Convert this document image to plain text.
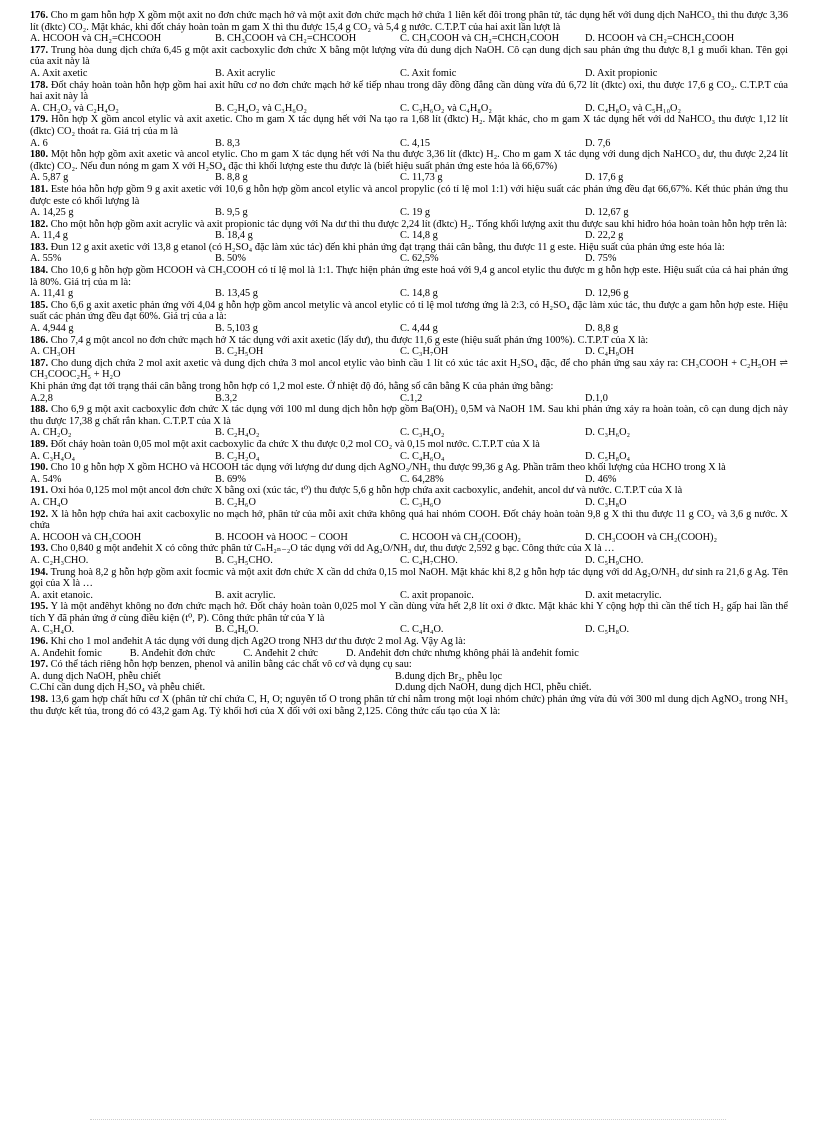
176. Cho m gam hỗn hợp X gồm một axit no đơn chức mạch hở và một axit đơn chức mạch hở chứa 1 liên kết đôi trong phân tử, tác dụng hết với dung dịch NaHCO₃ thì thu được 3,36 lít (đktc) CO₂. Mặt khác, khi đốt cháy hoàn toàn m gam X thì thu được 15,4 g CO₂ và 5,4 g nước. C.T.P.T của hai axit lần lượt là
A. HCOOH và CH₂=CHCOOH	B. CH₃COOH và CH₂=CHCOOH	C. CH₃COOH và CH₂=CHCH₂COOH	D. HCOOH và CH₂=CHCH₂COOH
177. Trung hòa dung dịch chứa 6,45 g một axit cacboxylic đơn chức X bằng một lượng vừa đủ dung dịch NaOH. Cô cạn dung dịch sau phản ứng thu được 8,1 g muối khan. Tên gọi của axit này là
A. Axit axetic	B. Axit acrylic	C. Axit fomic	D. Axit propionic
178. Đốt cháy hoàn toàn hỗn hợp gồm hai axit hữu cơ no đơn chức mạch hở kế tiếp nhau trong dãy đồng đẳng cần dùng vừa đủ 6,72 lít (đktc) oxi, thu được 17,6 g CO₂. C.T.P.T của hai axit này là
A. CH₂O₂ và C₂H₄O₂	B. C₂H₄O₂ và C₃H₆O₂	C. C₃H₆O₂ và C₄H₈O₂	D. C₄H₈O₂ và C₅H₁₀O₂
179. Hỗn hợp X gồm ancol etylic và axit axetic. Cho m gam X tác dụng hết với Na tạo ra 1,68 lít (đktc) H₂. Mặt khác, cho m gam X tác dụng hết với dd NaHCO₃ thu được 1,12 lít (đktc) CO₂ thoát ra. Giá trị của m là
A. 6	B. 8,3	C. 4,15	D. 7,6
180. Một hỗn hợp gồm axit axetic và ancol etylic. Cho m gam X tác dụng hết với Na thu được 3,36 lít (đktc) H₂. Cho m gam X tác dụng với dung dịch NaHCO₃ dư, thu được 2,24 lít (đktc) CO₂. Nếu đun nóng m gam X với H₂SO₄ đặc thì khối lượng este thu được là (biết hiệu suất phản ứng este hóa là 66,67%)
A. 5,87 g	B. 8,8 g	C. 11,73 g	D. 17,6 g
181. Este hóa hỗn hợp gồm 9 g axit axetic với 10,6 g hỗn hợp gồm ancol etylic và ancol propylic (có tỉ lệ mol 1:1) với hiệu suất các phản ứng đều đạt 66,67%. Kết thúc phản ứng thu được este có khối lượng là
A. 14,25 g	B. 9,5 g	C. 19 g	D. 12,67 g
182. Cho một hỗn hợp gồm axit acrylic và axit propionic tác dụng với Na dư thì thu được 2,24 lít (đktc) H₂. Tổng khối lượng axit thu được sau khi hiđro hóa hoàn toàn hỗn hợp trên là:
A. 11,4 g	B. 18,4 g	C. 14,8 g	D. 22,2 g
183. Đun 12 g axit axetic với 13,8 g etanol (có H₂SO₄ đặc làm xúc tác) đến khi phản ứng đạt trạng thái cân bằng, thu được 11 g este. Hiệu suất của phản ứng este hóa là:
A. 55%	B. 50%	C. 62,5%	D. 75%
184. Cho 10,6 g hỗn hợp gồm HCOOH và CH₃COOH có tỉ lệ mol là 1:1. Thực hiện phản ứng este hoá với 9,4 g ancol etylic thu được m g hỗn hợp este. Hiệu suất của cả hai phản ứng là 80%. Giá trị của m là:
A. 11,41 g	B. 13,45 g	C. 14,8 g	D. 12,96 g
185. Cho 6,6 g axit axetic phản ứng với 4,04 g hỗn hợp gồm ancol metylic và ancol etylic có tỉ lệ mol tương ứng là 2:3, có H₂SO₄ đặc làm xúc tác, thu được a gam hỗn hợp este. Hiệu suất các phản ứng đều đạt 60%. Giá trị của a là:
A. 4,944 g	B. 5,103 g	C. 4,44 g	D. 8,8 g
186. Cho 7,4 g một ancol no đơn chức mạch hở X tác dụng với axit axetic (lấy dư), thu được 11,6 g este (hiệu suất phản ứng 100%). C.T.P.T của X là:
A. CH₃OH	B. C₂H₅OH	C. C₃H₇OH	D. C₄H₉OH
187. Cho dung dịch chứa 2 mol axit axetic và dung dịch chứa 3 mol ancol etylic vào bình cầu 1 lít có xúc tác axit H₂SO₄ đặc, để cho phản ứng sau xảy ra: CH₃COOH + C₂H₅OH ⇌ CH₃COOC₂H₅ + H₂O
Khi phản ứng đạt tới trạng thái cân bằng trong hỗn hợp có 1,2 mol este. Ở nhiệt độ đó, hằng số cân bằng K của phản ứng bằng:
A.2,8	B.3,2	C.1,2	D.1,0
188. Cho 6,9 g một axit cacboxylic đơn chức X tác dụng với 100 ml dung dịch hỗn hợp gồm Ba(OH)₂ 0,5M và NaOH 1M. Sau khi phản ứng xảy ra hoàn toàn, cô cạn dung dịch này thu được 17,38 g chất rắn khan. C.T.P.T của X là
A. CH₂O₂	B. C₂H₄O₂	C. C₃H₄O₂	D. C₃H₆O₂
189. Đốt cháy hoàn toàn 0,05 mol một axit cacboxylic đa chức X thu được 0,2 mol CO₂ và 0,15 mol nước. C.T.P.T của X là
A. C₃H₄O₄	B. C₂H₂O₄	C. C₄H₆O₄	D. C₅H₈O₄
190. Cho 10 g hỗn hợp X gồm HCHO và HCOOH tác dụng với lượng dư dung dịch AgNO₃/NH₃ thu được 99,36 g Ag. Phần trăm theo khối lượng của HCHO trong X là
A. 54%	B. 69%	C. 64,28%	D. 46%
191. Oxi hóa 0,125 mol một ancol đơn chức X bằng oxi (xúc tác, t⁰) thu được 5,6 g hỗn hợp chứa axit cacboxylic, anđehit, ancol dư và nước. C.T.P.T của X là
A. CH₄O	B. C₂H₆O	C. C₃H₆O	D. C₃H₈O
192. X là hỗn hợp chứa hai axit cacboxylic no mạch hở, phân tử của mỗi axit chứa không quá hai nhóm COOH. Đốt cháy hoàn toàn 9,8 g X thì thu được 11 g CO₂ và 3,6 g nước. X chứa
A. HCOOH và CH₃COOH	B. HCOOH và HOOC − COOH	C. HCOOH và CH₂(COOH)₂	D. CH₃COOH và CH₂(COOH)₂
193. Cho 0,840 g một anđehit X có công thức phân tử CₙH₂ₙ₋₂O tác dụng với dd Ag₂O/NH₃ dư, thu được 2,592 g bạc. Công thức của X là …
A. C₂H₃CHO.	B. C₃H₅CHO.	C. C₄H₇CHO.	D. C₅H₉CHO.
194. Trung hoà 8,2 g hỗn hợp gồm axit focmic và một axit đơn chức X cần dd chứa 0,15 mol NaOH. Mặt khác khi 8,2 g hỗn hợp tác dụng với dd Ag₂O/NH₃ dư sinh ra 21,6 g Ag. Tên gọi của X là …
A. axit etanoic.	B. axit acrylic.	C. axit propanoic.	D. axit metacrylic.
195. Y là một anđêhyt không no đơn chức mạch hở. Đốt cháy hoàn toàn 0,025 mol Y cần dùng vừa hết 2,8 lít oxi ở đktc. Mặt khác khi Y cộng hợp thì cần thể tích H₂ gấp hai lần thể tích Y đã phản ứng ở cùng điều kiện (t⁰, P). Công thức phân tử của Y là
A. C₃H₄O.	B. C₄H₆O.	C. C₄H₄O.	D. C₅H₈O.
196. Khi cho 1 mol anđehit A tác dụng với dung dịch Ag2O trong NH3 dư thu được 2 mol Ag. Vậy Ag là:
A. Anđehit fomic	B. Anđehit đơn chức	C. Anđehit 2 chức	D. Anđehit đơn chức nhưng không phải là anđehit fomic
197. Có thể tách riêng hỗn hợp benzen, phenol và anilin bằng các chất vô cơ và dụng cụ sau:
A. dung dịch NaOH, phễu chiết	B.dung dịch Br₂, phễu lọc
C.Chỉ cần dung dịch H₂SO₄ và phễu chiết.	D.dung dịch NaOH, dung dịch HCl, phễu chiết.
198. 13,6 gam hợp chất hữu cơ X (phân tử chỉ chứa C, H, O; nguyên tố O trong phân tử chỉ nằm trong một loại nhóm chức) phản ứng vừa đủ với 300 ml dung dịch AgNO₃ trong NH₃ thu được kết tủa, trong đó có 43,2 gam Ag. Tỷ khối hơi của X đối với oxi bằng 2,125. Công thức cấu tạo của X là:
